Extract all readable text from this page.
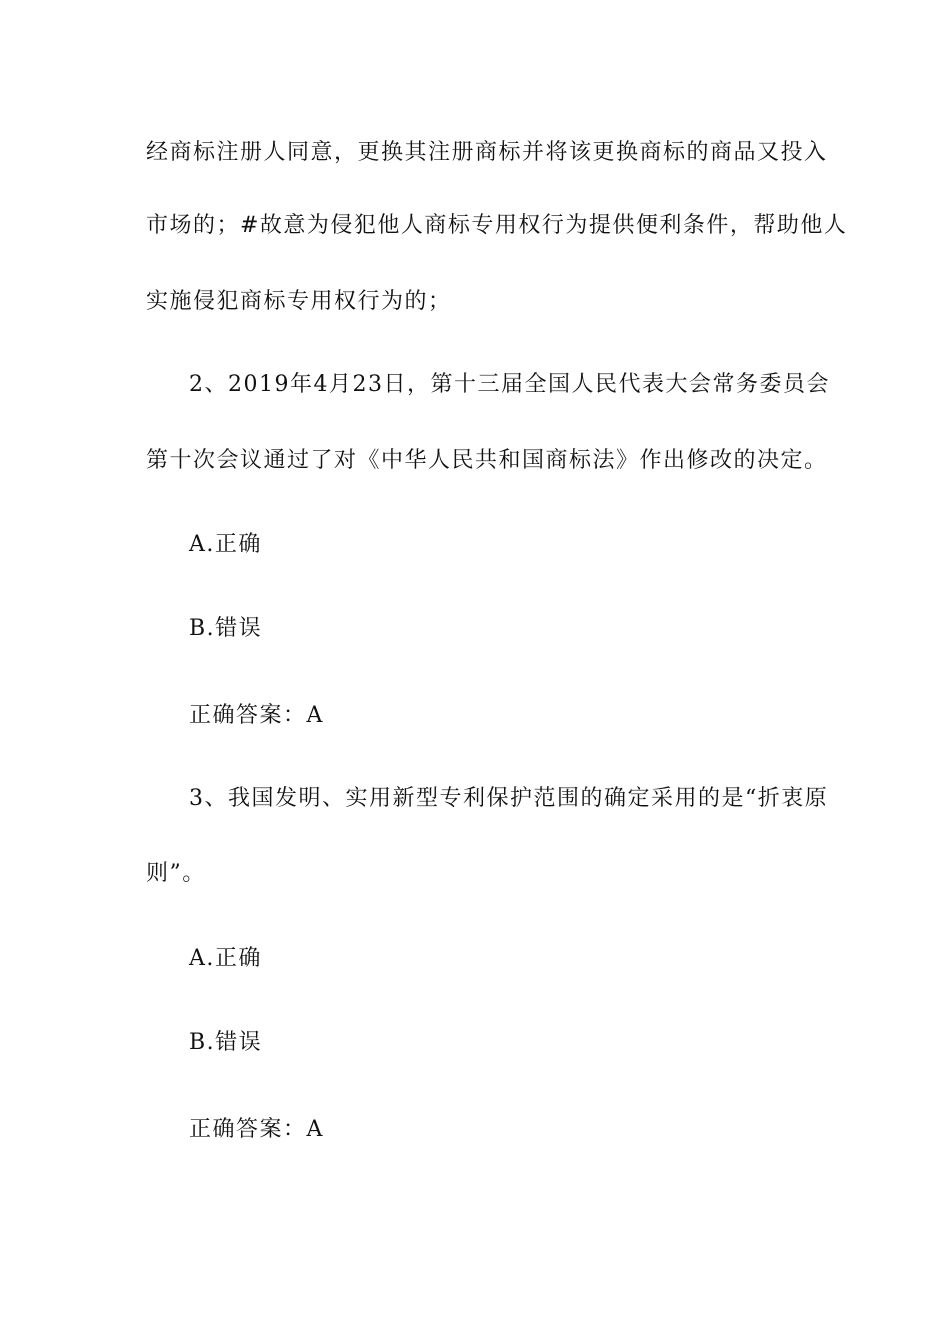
经商标注册人同意，更换其注册商标并将该更换商标的商品又投入
市场的；#故意为侵犯他人商标专用权行为提供便利条件，帮助他人
实施侵犯商标专用权行为的；
2、2019年4月23日，第十三届全国人民代表大会常务委员会
第十次会议通过了对《中华人民共和国商标法》作出修改的决定。
A.正确
B.错误
正确答案：A
3、我国发明、实用新型专利保护范围的确定采用的是“折衷原
则”。
A.正确
B.错误
正确答案：A
